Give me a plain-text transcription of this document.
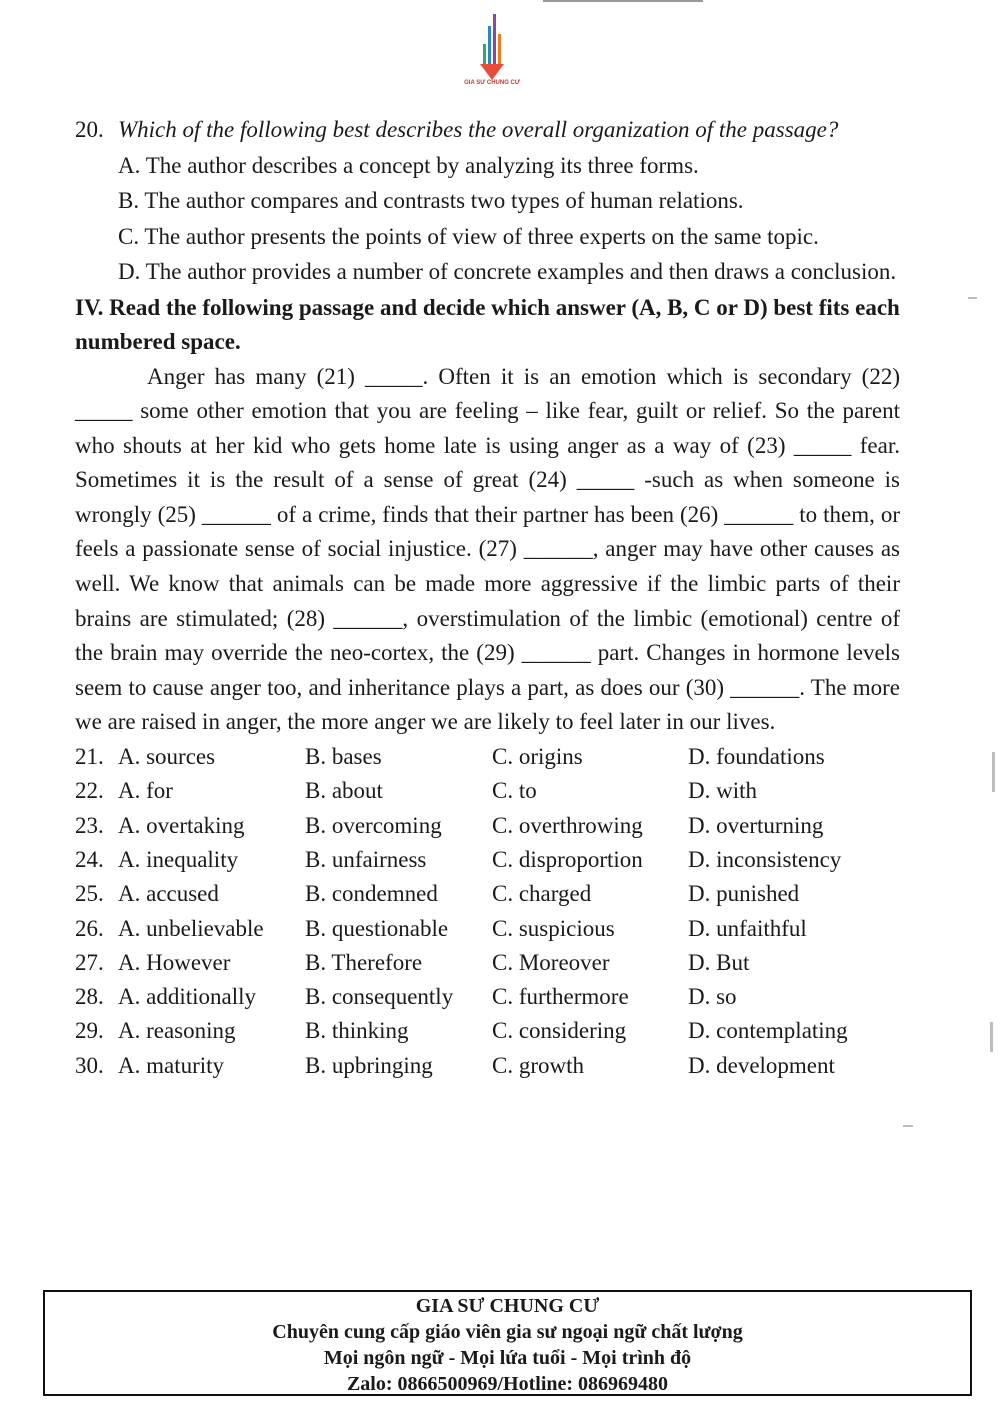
GIA SƯ CHUNG CƯ
20. Which of the following best describes the overall organization of the passage?
A. The author describes a concept by analyzing its three forms.
B. The author compares and contrasts two types of human relations.
C. The author presents the points of view of three experts on the same topic.
D. The author provides a number of concrete examples and then draws a conclusion.
IV. Read the following passage and decide which answer (A, B, C or D) best fits each numbered space.
Anger has many (21) _____. Often it is an emotion which is secondary (22) _____ some other emotion that you are feeling – like fear, guilt or relief. So the parent who shouts at her kid who gets home late is using anger as a way of (23) _____ fear. Sometimes it is the result of a sense of great (24) _____ -such as when someone is wrongly (25) ______ of a crime, finds that their partner has been (26) ______ to them, or feels a passionate sense of social injustice. (27) ______, anger may have other causes as well. We know that animals can be made more aggressive if the limbic parts of their brains are stimulated; (28) ______, overstimulation of the limbic (emotional) centre of the brain may override the neo-cortex, the (29) ______ part. Changes in hormone levels seem to cause anger too, and inheritance plays a part, as does our (30) ______. The more we are raised in anger, the more anger we are likely to feel later in our lives.
21. A. sources	B. bases	C. origins	D. foundations
22. A. for	B. about	C. to	D. with
23. A. overtaking	B. overcoming	C. overthrowing	D. overturning
24. A. inequality	B. unfairness	C. disproportion	D. inconsistency
25. A. accused	B. condemned	C. charged	D. punished
26. A. unbelievable	B. questionable	C. suspicious	D. unfaithful
27. A. However	B. Therefore	C. Moreover	D. But
28. A. additionally	B. consequently	C. furthermore	D. so
29. A. reasoning	B. thinking	C. considering	D. contemplating
30. A. maturity	B. upbringing	C. growth	D. development
GIA SƯ CHUNG CƯ
Chuyên cung cấp giáo viên gia sư ngoại ngữ chất lượng
Mọi ngôn ngữ - Mọi lứa tuổi - Mọi trình độ
Zalo: 0866500969/Hotline: 086969480
